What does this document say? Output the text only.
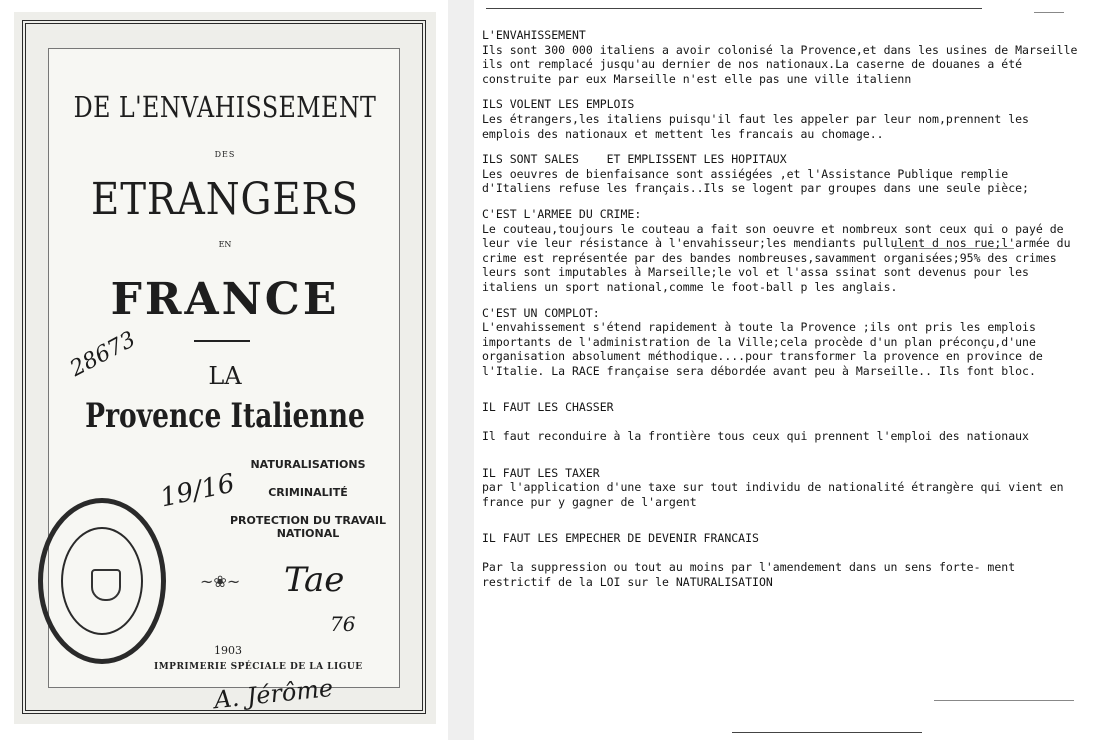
DE L'ENVAHISSEMENT
DES
ETRANGERS
EN
FRANCE
LA
Provence Italienne
NATURALISATIONS
CRIMINALITÉ
PROTECTION DU TRAVAIL NATIONAL
~❀~
28673
19/16
Tae
76
A. Jérôme
1903
IMPRIMERIE SPÉCIALE DE LA LIGUE
L'ENVAHISSEMENT
Ils sont 300 000 italiens a avoir colonisé la Provence,et dans les usines de Marseille ils ont remplacé jusqu'au dernier de nos nationaux.La caserne de douanes a été construite par eux Marseille n'est elle pas une ville italienn
ILS VOLENT LES EMPLOIS
Les étrangers,les italiens puisqu'il faut les appeler par leur nom,prennent les emplois des nationaux et mettent les francais au chomage..
ILS SONT SALES    ET EMPLISSENT LES HOPITAUX
Les oeuvres de bienfaisance sont assiégées ,et l'Assistance Publique remplie d'Italiens refuse les français..Ils se logent par groupes dans une seule pièce;
C'EST L'ARMEE DU CRIME:
Le couteau,toujours le couteau a fait son oeuvre et nombreux sont ceux qui o payé de leur vie leur résistance à l'envahisseur;les mendiants pullulent d nos rue;l'armée du crime est représentée par des bandes nombreuses,savamment organisées;95% des crimes leurs sont imputables à Marseille;le vol et l'assa ssinat sont devenus pour les italiens un sport national,comme le foot-ball p les anglais.
C'EST UN COMPLOT:
L'envahissement s'étend rapidement à toute la Provence ;ils ont pris les emplois importants de l'administration de la Ville;cela procède d'un plan préconçu,d'une organisation absolument méthodique....pour transformer la provence en province de l'Italie. La RACE française sera débordée avant peu à Marseille.. Ils font bloc.
IL FAUT LES CHASSER
Il faut reconduire à la frontière tous ceux qui prennent l'emploi des nationaux
IL FAUT LES TAXER
par l'application d'une taxe sur tout individu de nationalité étrangère qui vient en france pur y gagner de l'argent
IL FAUT LES EMPECHER DE DEVENIR FRANCAIS
Par la suppression ou tout au moins par l'amendement dans un sens forte- ment restrictif de la LOI sur le NATURALISATION
